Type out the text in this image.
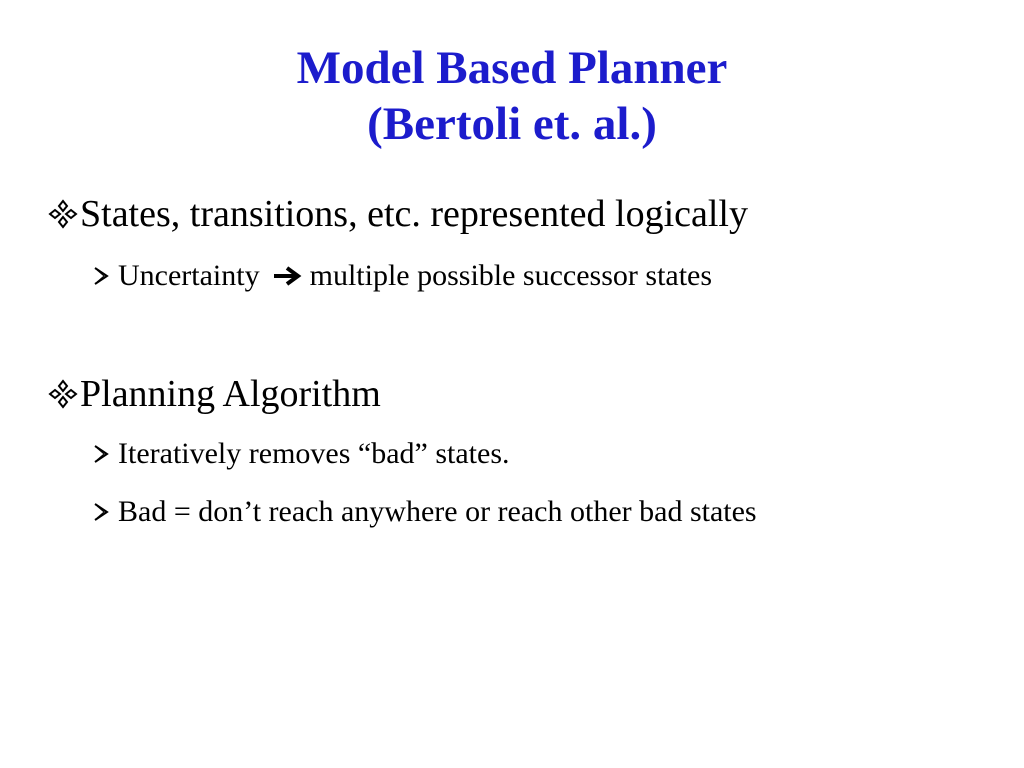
Model Based Planner
(Bertoli et. al.)
States, transitions, etc. represented logically
Uncertainty multiple possible successor states
Planning Algorithm
Iteratively removes “bad” states.
Bad = don’t reach anywhere or reach other bad states
